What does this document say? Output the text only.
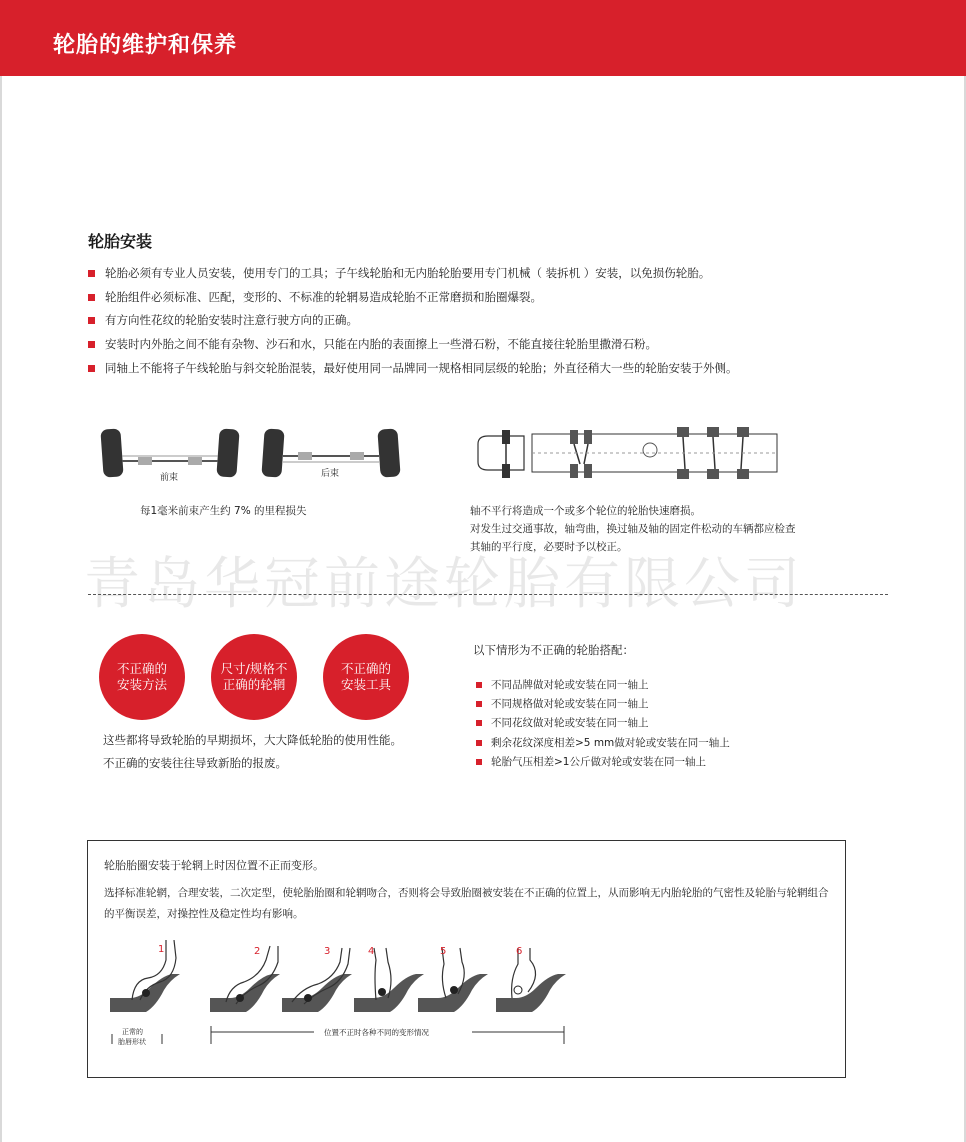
轮胎的维护和保养
轮胎安装
轮胎必须有专业人员安装，使用专门的工具；子午线轮胎和无内胎轮胎要用专门机械（ 装拆机 ）安装，以免损伤轮胎。
轮胎组件必须标准、匹配，变形的、不标准的轮辋易造成轮胎不正常磨损和胎圈爆裂。
有方向性花纹的轮胎安装时注意行驶方向的正确。
安装时内外胎之间不能有杂物、沙石和水，只能在内胎的表面擦上一些滑石粉，不能直接往轮胎里撒滑石粉。
同轴上不能将子午线轮胎与斜交轮胎混装，最好使用同一品牌同一规格相同层级的轮胎；外直径稍大一些的轮胎安装于外侧。
前束	后束
每1毫米前束产生约 7% 的里程损失	轴不平行将造成一个或多个轮位的轮胎快速磨损。
对发生过交通事故，轴弯曲，换过轴及轴的固定件松动的车辆都应检查
其轴的平行度，必要时予以校正。
青岛华冠前途轮胎有限公司
不正确的
安装方法
尺寸/规格不
正确的轮辋
不正确的
安装工具
这些都将导致轮胎的早期损坏，大大降低轮胎的使用性能。
不正确的安装往往导致新胎的报废。
以下情形为不正确的轮胎搭配：
不同品牌做对轮或安装在同一轴上
不同规格做对轮或安装在同一轴上
不同花纹做对轮或安装在同一轴上
剩余花纹深度相差>5 mm做对轮或安装在同一轴上
轮胎气压相差>1公斤做对轮或安装在同一轴上
轮胎胎圈安装于轮辋上时因位置不正而变形。
选择标准轮辋，合理安装，二次定型，使轮胎胎圈和轮辋吻合，否则将会导致胎圈被安装在不正确的位置上，从而影响无内胎轮胎的气密性及轮胎与轮辋组合的平衡误差，对操控性及稳定性均有影响。
1	2	3	4	5	6
正常的
胎唇形状
位置不正时各种不同的变形情况
